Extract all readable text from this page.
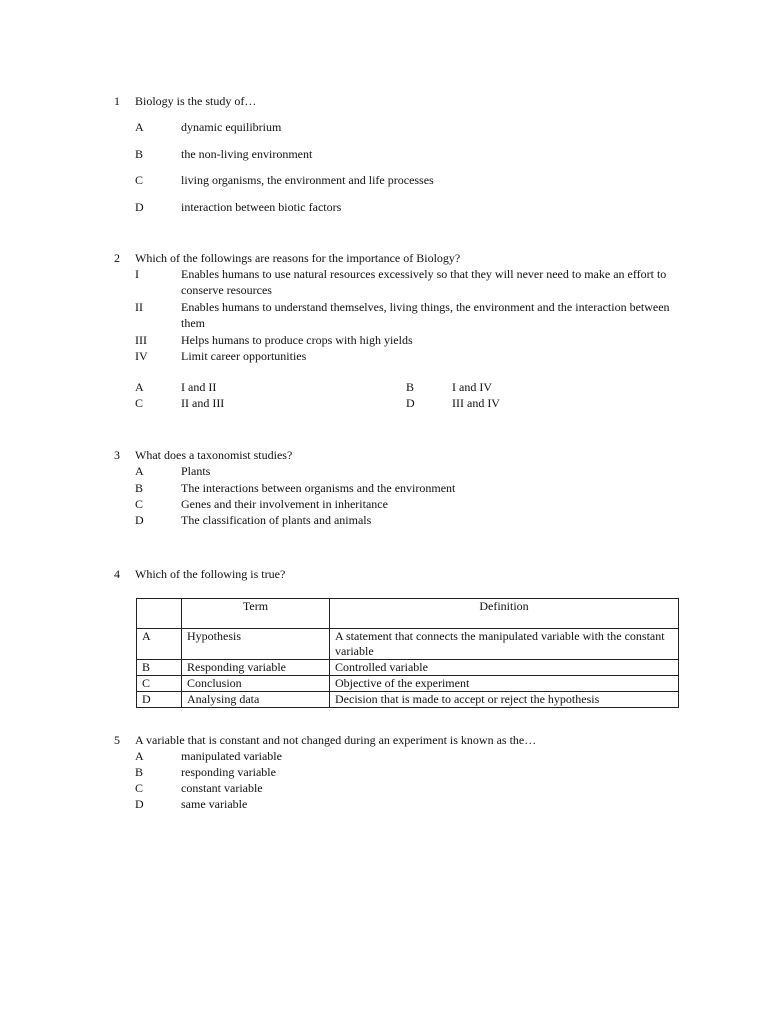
1 Biology is the study of…
A	dynamic equilibrium
B	the non-living environment
C	living organisms, the environment and life processes
D	interaction between biotic factors
2 Which of the followings are reasons for the importance of Biology?
I	Enables humans to use natural resources excessively so that they will never need to make an effort to conserve resources
II	Enables humans to understand themselves, living things, the environment and the interaction between them
III	Helps humans to produce crops with high yields
IV	Limit career opportunities
A	I and II	B	I and IV
C	II and III	D	III and IV
3 What does a taxonomist studies?
A	Plants
B	The interactions between organisms and the environment
C	Genes and their involvement in inheritance
D	The classification of plants and animals
4 Which of the following is true?
	Term	Definition
A	Hypothesis	A statement that connects the manipulated variable with the constant variable
B	Responding variable	Controlled variable
C	Conclusion	Objective of the experiment
D	Analysing data	Decision that is made to accept or reject the hypothesis
5 A variable that is constant and not changed during an experiment is known as the…
A	manipulated variable
B	responding variable
C	constant variable
D	same variable
